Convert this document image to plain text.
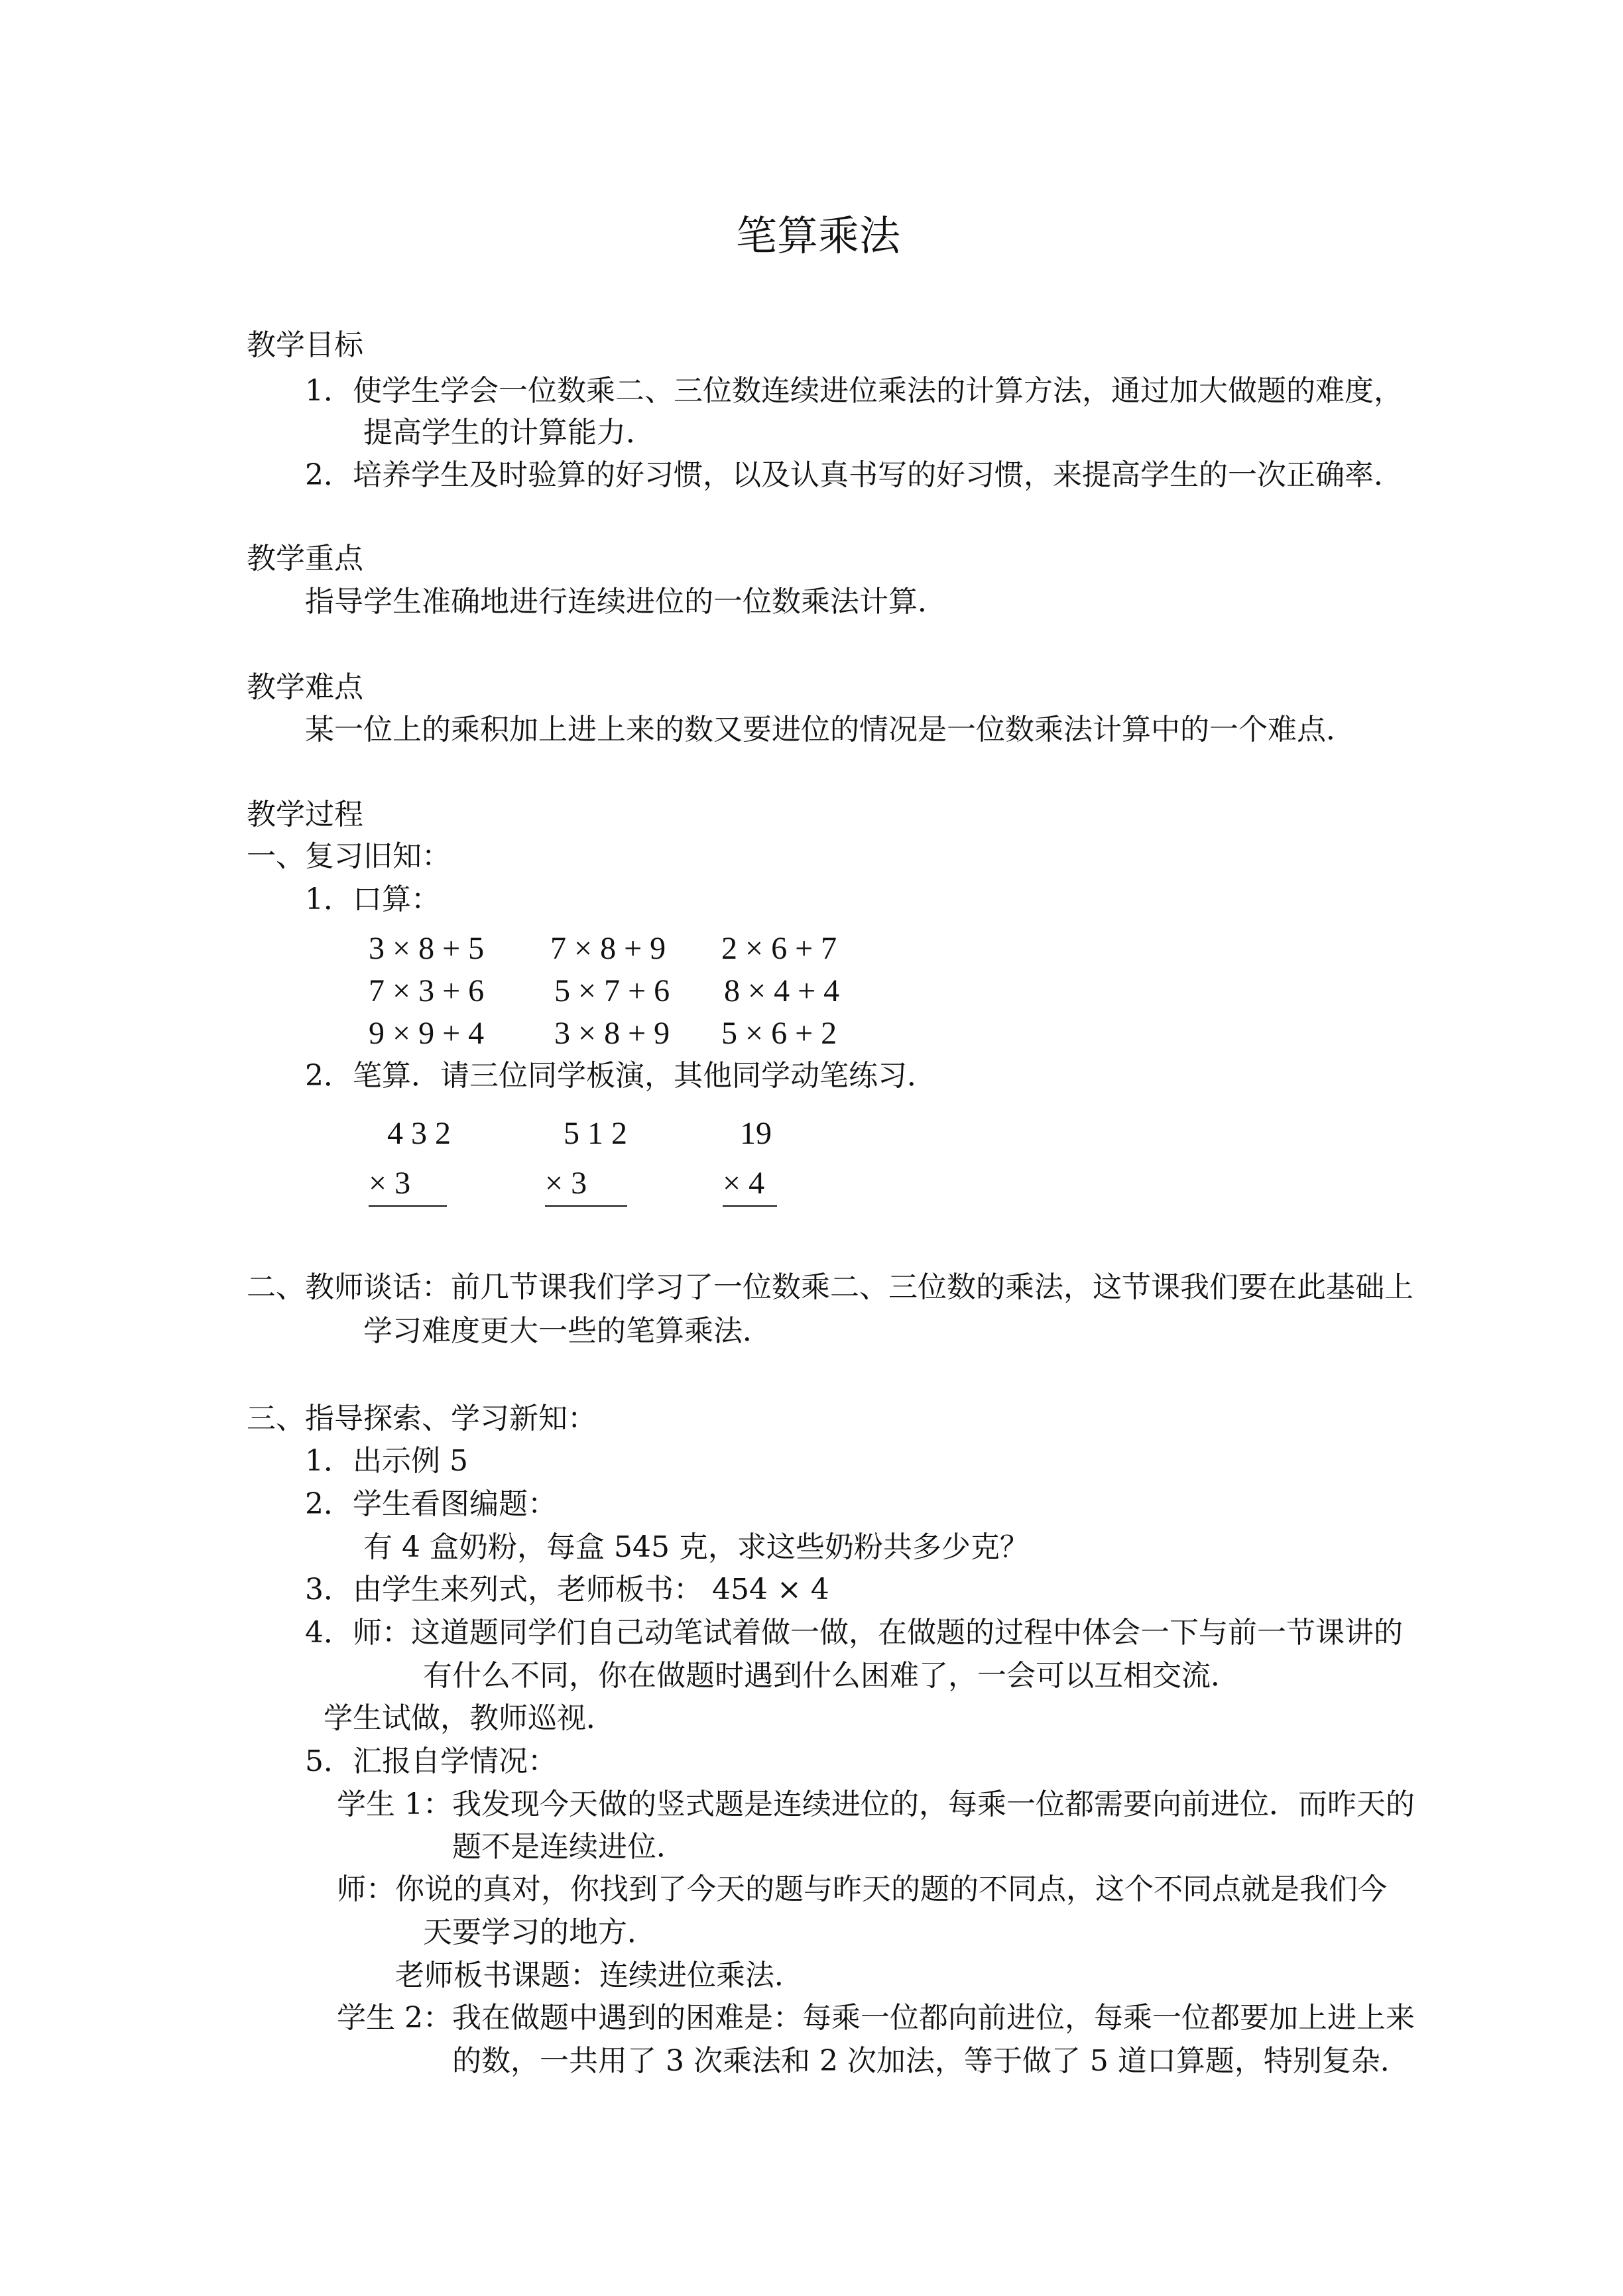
笔算乘法
教学目标
1．使学生学会一位数乘二、三位数连续进位乘法的计算方法，通过加大做题的难度，
提高学生的计算能力．
2．培养学生及时验算的好习惯，以及认真书写的好习惯，来提高学生的一次正确率．
教学重点
指导学生准确地进行连续进位的一位数乘法计算．
教学难点
某一位上的乘积加上进上来的数又要进位的情况是一位数乘法计算中的一个难点．
教学过程
一、复习旧知：
1．口算：
3 × 8 + 5 7 × 8 + 9 2 × 6 + 7
7 × 3 + 6 5 × 7 + 6 8 × 4 + 4
9 × 9 + 4 3 × 8 + 9 5 × 6 + 2
2．笔算．请三位同学板演，其他同学动笔练习．
4 3 2
× 3
5 1 2
× 3
19
× 4
二、教师谈话：前几节课我们学习了一位数乘二、三位数的乘法，这节课我们要在此基础上
学习难度更大一些的笔算乘法．
三、指导探索、学习新知：
1．出示例 5
2．学生看图编题：
有 4 盒奶粉，每盒 545 克，求这些奶粉共多少克？
3．由学生来列式，老师板书： 454 × 4
4．师：这道题同学们自己动笔试着做一做，在做题的过程中体会一下与前一节课讲的
有什么不同，你在做题时遇到什么困难了，一会可以互相交流．
学生试做，教师巡视．
5．汇报自学情况：
学生 1：我发现今天做的竖式题是连续进位的，每乘一位都需要向前进位．而昨天的
题不是连续进位．
师：你说的真对，你找到了今天的题与昨天的题的不同点，这个不同点就是我们今
天要学习的地方．
老师板书课题：连续进位乘法．
学生 2：我在做题中遇到的困难是：每乘一位都向前进位，每乘一位都要加上进上来
的数，一共用了 3 次乘法和 2 次加法，等于做了 5 道口算题，特别复杂．
